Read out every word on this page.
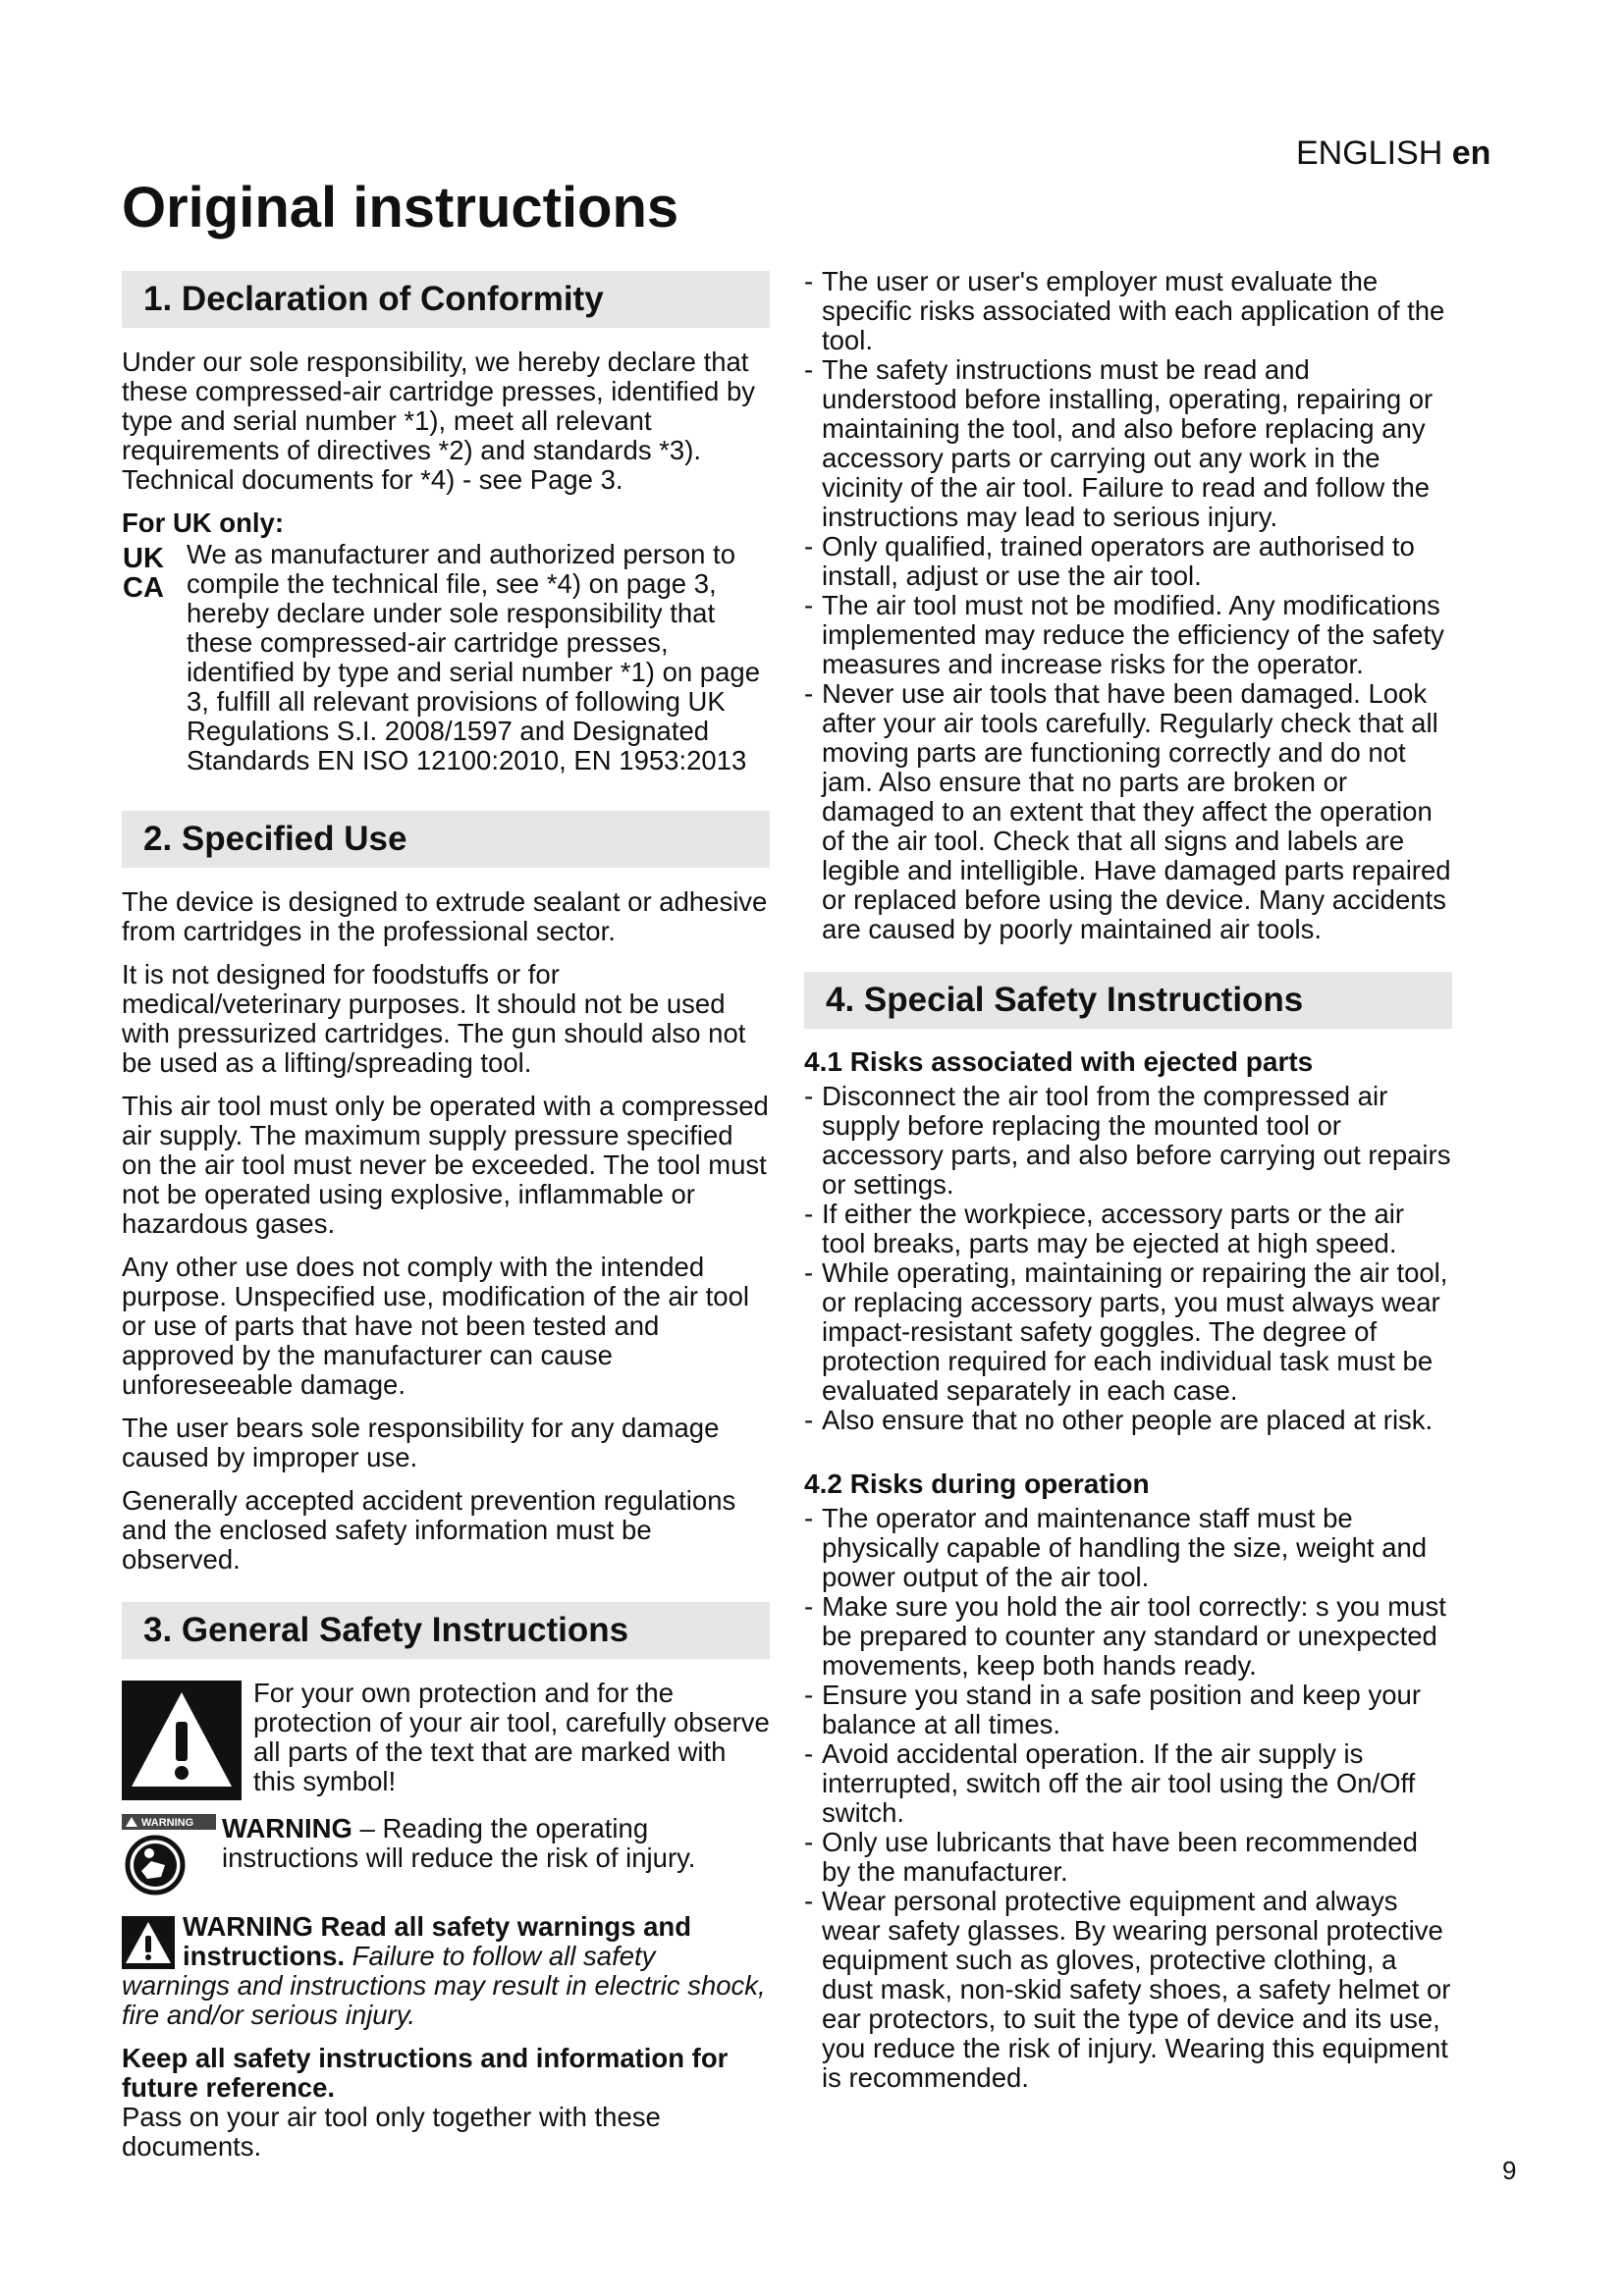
ENGLISH en
Original instructions
1. Declaration of Conformity

Under our sole responsibility, we hereby declare that these compressed-air cartridge presses, identified by type and serial number *1), meet all relevant requirements of directives *2) and standards *3). Technical documents for *4) - see Page 3.

For UK only:
UK
CA
We as manufacturer and authorized person to compile the technical file, see *4) on page 3, hereby declare under sole responsibility that these compressed-air cartridge presses, identified by type and serial number *1) on page 3, fulfill all relevant provisions of following UK Regulations S.I. 2008/1597 and Designated Standards EN ISO 12100:2010, EN 1953:2013
2. Specified Use

The device is designed to extrude sealant or adhesive from cartridges in the professional sector.

It is not designed for foodstuffs or for medical/veterinary purposes. It should not be used with pressurized cartridges. The gun should also not be used as a lifting/spreading tool.

This air tool must only be operated with a compressed air supply. The maximum supply pressure specified on the air tool must never be exceeded. The tool must not be operated using explosive, inflammable or hazardous gases.

Any other use does not comply with the intended purpose. Unspecified use, modification of the air tool or use of parts that have not been tested and approved by the manufacturer can cause unforeseeable damage.

The user bears sole responsibility for any damage caused by improper use.

Generally accepted accident prevention regulations and the enclosed safety information must be observed.

3. General Safety Instructions
For your own protection and for the protection of your air tool, carefully observe all parts of the text that are marked with this symbol!
WARNING WARNING – Reading the operating instructions will reduce the risk of injury.
WARNING Read all safety warnings and instructions. Failure to follow all safety warnings and instructions may result in electric shock, fire and/or serious injury.
Keep all safety instructions and information for future reference.
Pass on your air tool only together with these documents.
- The user or user's employer must evaluate the specific risks associated with each application of the tool.
- The safety instructions must be read and understood before installing, operating, repairing or maintaining the tool, and also before replacing any accessory parts or carrying out any work in the vicinity of the air tool. Failure to read and follow the instructions may lead to serious injury.
- Only qualified, trained operators are authorised to install, adjust or use the air tool.
- The air tool must not be modified. Any modifications implemented may reduce the efficiency of the safety measures and increase risks for the operator.
- Never use air tools that have been damaged. Look after your air tools carefully. Regularly check that all moving parts are functioning correctly and do not jam. Also ensure that no parts are broken or damaged to an extent that they affect the operation of the air tool. Check that all signs and labels are legible and intelligible. Have damaged parts repaired or replaced before using the device. Many accidents are caused by poorly maintained air tools.
4. Special Safety Instructions
4.1 Risks associated with ejected parts
- Disconnect the air tool from the compressed air supply before replacing the mounted tool or accessory parts, and also before carrying out repairs or settings.
- If either the workpiece, accessory parts or the air tool breaks, parts may be ejected at high speed.
- While operating, maintaining or repairing the air tool, or replacing accessory parts, you must always wear impact-resistant safety goggles. The degree of protection required for each individual task must be evaluated separately in each case.
- Also ensure that no other people are placed at risk.
4.2 Risks during operation
- The operator and maintenance staff must be physically capable of handling the size, weight and power output of the air tool.
- Make sure you hold the air tool correctly: s you must be prepared to counter any standard or unexpected movements, keep both hands ready.
- Ensure you stand in a safe position and keep your balance at all times.
- Avoid accidental operation. If the air supply is interrupted, switch off the air tool using the On/Off switch.
- Only use lubricants that have been recommended by the manufacturer.
- Wear personal protective equipment and always wear safety glasses. By wearing personal protective equipment such as gloves, protective clothing, a dust mask, non-skid safety shoes, a safety helmet or ear protectors, to suit the type of device and its use, you reduce the risk of injury. Wearing this equipment is recommended.
9
